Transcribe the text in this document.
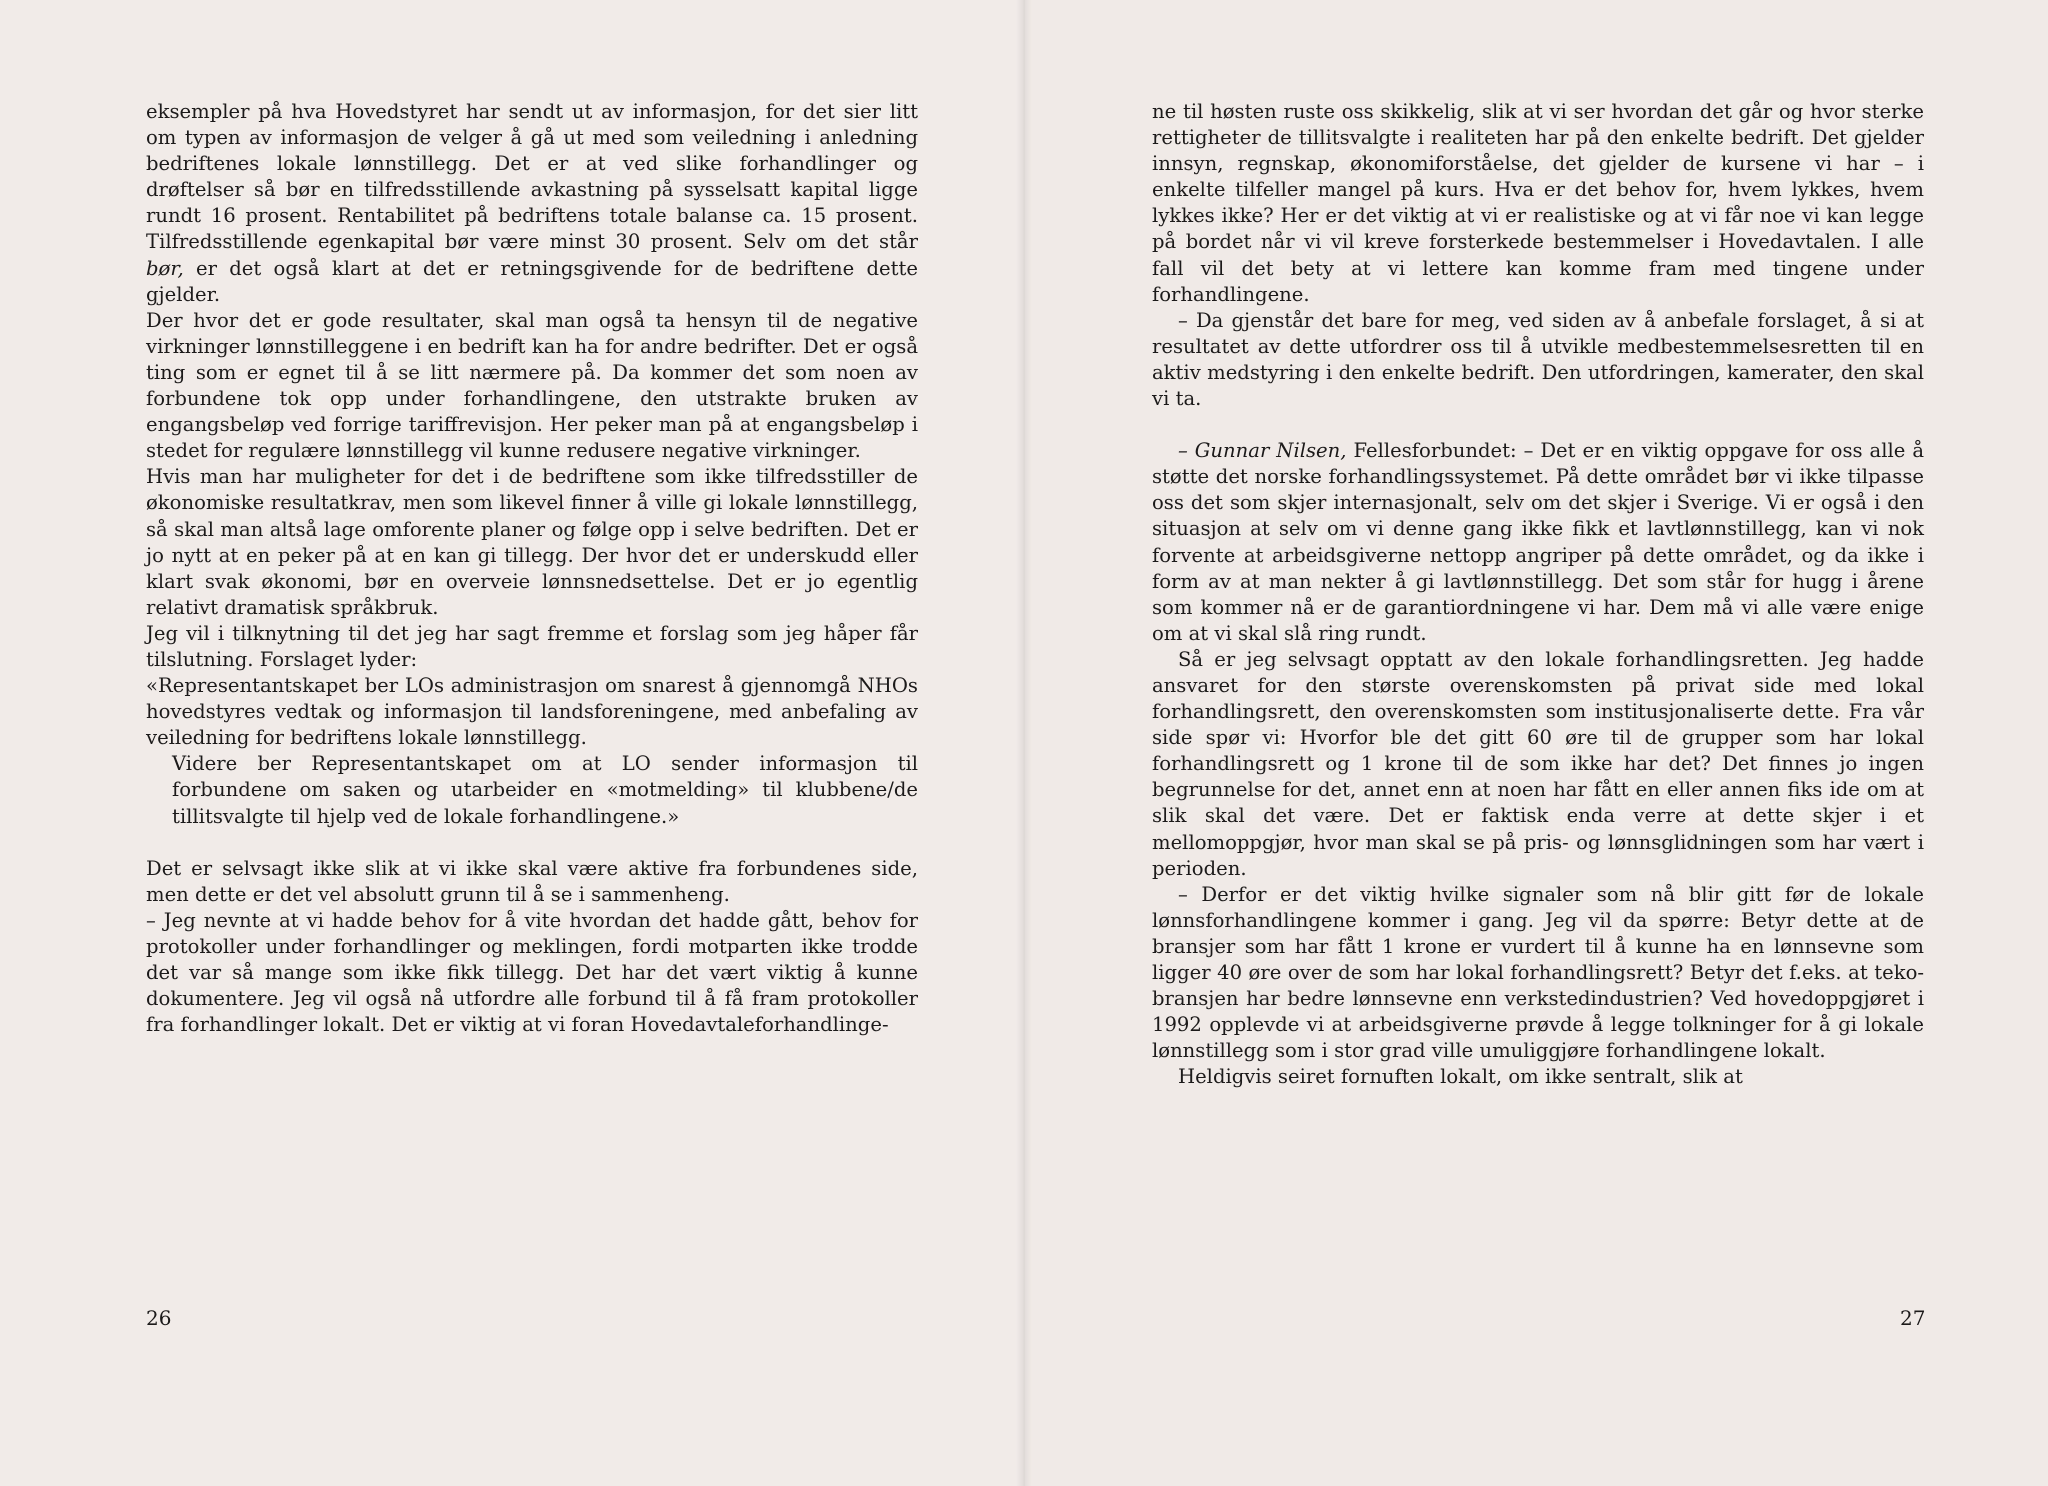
eksempler på hva Hovedstyret har sendt ut av informasjon, for det sier litt om typen av informasjon de velger å gå ut med som veiledning i anledning bedriftenes lokale lønnstillegg. Det er at ved slike forhandlinger og drøftelser så bør en tilfredsstillende avkastning på sysselsatt kapital ligge rundt 16 prosent. Rentabilitet på bedriftens totale balanse ca. 15 prosent. Tilfredsstillende egenkapital bør være minst 30 prosent. Selv om det står bør, er det også klart at det er retningsgivende for de bedriftene dette gjelder.

Der hvor det er gode resultater, skal man også ta hensyn til de negative virkninger lønnstilleggene i en bedrift kan ha for andre bedrifter. Det er også ting som er egnet til å se litt nærmere på. Da kommer det som noen av forbundene tok opp under forhandlingene, den utstrakte bruken av engangsbeløp ved forrige tariffrevisjon. Her peker man på at engangsbeløp i stedet for regulære lønnstillegg vil kunne redusere negative virkninger.

Hvis man har muligheter for det i de bedriftene som ikke tilfredsstiller de økonomiske resultatkrav, men som likevel finner å ville gi lokale lønnstillegg, så skal man altså lage omforente planer og følge opp i selve bedriften. Det er jo nytt at en peker på at en kan gi tillegg. Der hvor det er underskudd eller klart svak økonomi, bør en overveie lønnsnedsettelse. Det er jo egentlig relativt dramatisk språkbruk.

Jeg vil i tilknytning til det jeg har sagt fremme et forslag som jeg håper får tilslutning. Forslaget lyder:

«Representantskapet ber LOs administrasjon om snarest å gjennomgå NHOs hovedstyres vedtak og informasjon til landsforeningene, med anbefaling av veiledning for bedriftens lokale lønnstillegg.

Videre ber Representantskapet om at LO sender informasjon til forbundene om saken og utarbeider en «motmelding» til klubbene/de tillitsvalgte til hjelp ved de lokale forhandlingene.»

Det er selvsagt ikke slik at vi ikke skal være aktive fra forbundenes side, men dette er det vel absolutt grunn til å se i sammenheng.

– Jeg nevnte at vi hadde behov for å vite hvordan det hadde gått, behov for protokoller under forhandlinger og meklingen, fordi motparten ikke trodde det var så mange som ikke fikk tillegg. Det har det vært viktig å kunne dokumentere. Jeg vil også nå utfordre alle forbund til å få fram protokoller fra forhandlinger lokalt. Det er viktig at vi foran Hovedavtaleforhandlinge-

26

ne til høsten ruste oss skikkelig, slik at vi ser hvordan det går og hvor sterke rettigheter de tillitsvalgte i realiteten har på den enkelte bedrift. Det gjelder innsyn, regnskap, økonomiforståelse, det gjelder de kursene vi har – i enkelte tilfeller mangel på kurs. Hva er det behov for, hvem lykkes, hvem lykkes ikke? Her er det viktig at vi er realistiske og at vi får noe vi kan legge på bordet når vi vil kreve forsterkede bestemmelser i Hovedavtalen. I alle fall vil det bety at vi lettere kan komme fram med tingene under forhandlingene.

– Da gjenstår det bare for meg, ved siden av å anbefale forslaget, å si at resultatet av dette utfordrer oss til å utvikle medbestemmelsesretten til en aktiv medstyring i den enkelte bedrift. Den utfordringen, kamerater, den skal vi ta.

– Gunnar Nilsen, Fellesforbundet: – Det er en viktig oppgave for oss alle å støtte det norske forhandlingssystemet. På dette området bør vi ikke tilpasse oss det som skjer internasjonalt, selv om det skjer i Sverige. Vi er også i den situasjon at selv om vi denne gang ikke fikk et lavtlønnstillegg, kan vi nok forvente at arbeidsgiverne nettopp angriper på dette området, og da ikke i form av at man nekter å gi lavtlønnstillegg. Det som står for hugg i årene som kommer nå er de garantiordningene vi har. Dem må vi alle være enige om at vi skal slå ring rundt.

Så er jeg selvsagt opptatt av den lokale forhandlingsretten. Jeg hadde ansvaret for den største overenskomsten på privat side med lokal forhandlingsrett, den overenskomsten som institusjonaliserte dette. Fra vår side spør vi: Hvorfor ble det gitt 60 øre til de grupper som har lokal forhandlingsrett og 1 krone til de som ikke har det? Det finnes jo ingen begrunnelse for det, annet enn at noen har fått en eller annen fiks ide om at slik skal det være. Det er faktisk enda verre at dette skjer i et mellomoppgjør, hvor man skal se på pris- og lønnsglidningen som har vært i perioden.

– Derfor er det viktig hvilke signaler som nå blir gitt før de lokale lønnsforhandlingene kommer i gang. Jeg vil da spørre: Betyr dette at de bransjer som har fått 1 krone er vurdert til å kunne ha en lønnsevne som ligger 40 øre over de som har lokal forhandlingsrett? Betyr det f.eks. at teko-bransjen har bedre lønnsevne enn verkstedindustrien? Ved hovedoppgjøret i 1992 opplevde vi at arbeidsgiverne prøvde å legge tolkninger for å gi lokale lønnstillegg som i stor grad ville umuliggjøre forhandlingene lokalt.

Heldigvis seiret fornuften lokalt, om ikke sentralt, slik at

27
